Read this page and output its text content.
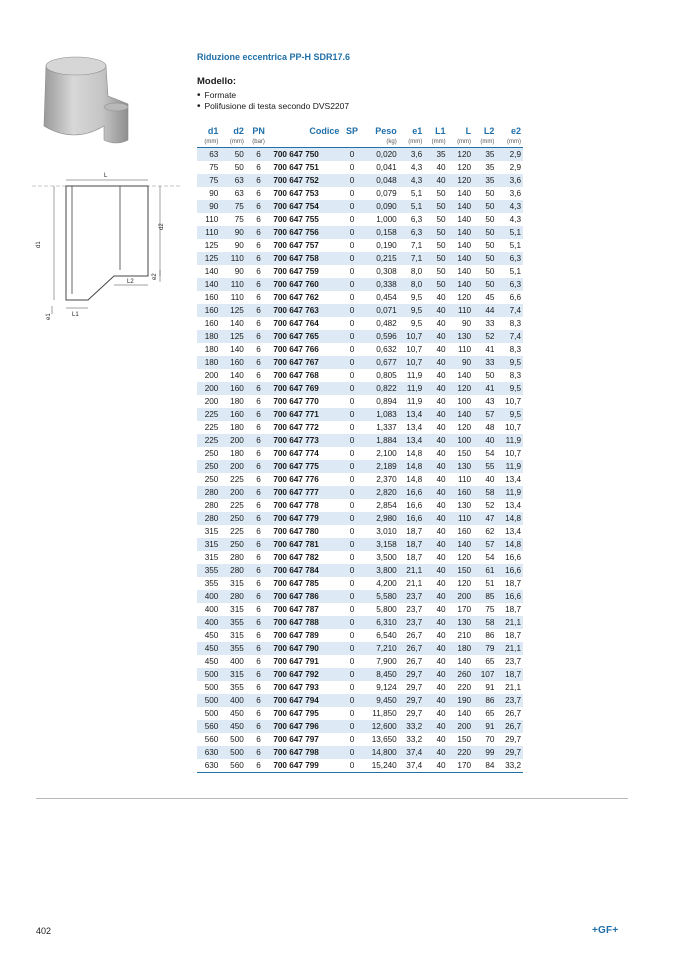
L
L2
L1
d1
d2
e2
e1
Riduzione eccentrica PP-H SDR17.6
Modello:
• Formate
• Polifusione di testa secondo DVS2207
d1	d2	PN	Codice	SP	Peso	e1	L1	L	L2	e2
(mm)	(mm)	(bar)			(kg)	(mm)	(mm)	(mm)	(mm)	(mm)
63	50	6	700 647 750	0	0,020	3,6	35	120	35	2,9
75	50	6	700 647 751	0	0,041	4,3	40	120	35	2,9
75	63	6	700 647 752	0	0,048	4,3	40	120	35	3,6
90	63	6	700 647 753	0	0,079	5,1	50	140	50	3,6
90	75	6	700 647 754	0	0,090	5,1	50	140	50	4,3
110	75	6	700 647 755	0	1,000	6,3	50	140	50	4,3
110	90	6	700 647 756	0	0,158	6,3	50	140	50	5,1
125	90	6	700 647 757	0	0,190	7,1	50	140	50	5,1
125	110	6	700 647 758	0	0,215	7,1	50	140	50	6,3
140	90	6	700 647 759	0	0,308	8,0	50	140	50	5,1
140	110	6	700 647 760	0	0,338	8,0	50	140	50	6,3
160	110	6	700 647 762	0	0,454	9,5	40	120	45	6,6
160	125	6	700 647 763	0	0,071	9,5	40	110	44	7,4
160	140	6	700 647 764	0	0,482	9,5	40	90	33	8,3
180	125	6	700 647 765	0	0,596	10,7	40	130	52	7,4
180	140	6	700 647 766	0	0,632	10,7	40	110	41	8,3
180	160	6	700 647 767	0	0,677	10,7	40	90	33	9,5
200	140	6	700 647 768	0	0,805	11,9	40	140	50	8,3
200	160	6	700 647 769	0	0,822	11,9	40	120	41	9,5
200	180	6	700 647 770	0	0,894	11,9	40	100	43	10,7
225	160	6	700 647 771	0	1,083	13,4	40	140	57	9,5
225	180	6	700 647 772	0	1,337	13,4	40	120	48	10,7
225	200	6	700 647 773	0	1,884	13,4	40	100	40	11,9
250	180	6	700 647 774	0	2,100	14,8	40	150	54	10,7
250	200	6	700 647 775	0	2,189	14,8	40	130	55	11,9
250	225	6	700 647 776	0	2,370	14,8	40	110	40	13,4
280	200	6	700 647 777	0	2,820	16,6	40	160	58	11,9
280	225	6	700 647 778	0	2,854	16,6	40	130	52	13,4
280	250	6	700 647 779	0	2,980	16,6	40	110	47	14,8
315	225	6	700 647 780	0	3,010	18,7	40	160	62	13,4
315	250	6	700 647 781	0	3,158	18,7	40	140	57	14,8
315	280	6	700 647 782	0	3,500	18,7	40	120	54	16,6
355	280	6	700 647 784	0	3,800	21,1	40	150	61	16,6
355	315	6	700 647 785	0	4,200	21,1	40	120	51	18,7
400	280	6	700 647 786	0	5,580	23,7	40	200	85	16,6
400	315	6	700 647 787	0	5,800	23,7	40	170	75	18,7
400	355	6	700 647 788	0	6,310	23,7	40	130	58	21,1
450	315	6	700 647 789	0	6,540	26,7	40	210	86	18,7
450	355	6	700 647 790	0	7,210	26,7	40	180	79	21,1
450	400	6	700 647 791	0	7,900	26,7	40	140	65	23,7
500	315	6	700 647 792	0	8,450	29,7	40	260	107	18,7
500	355	6	700 647 793	0	9,124	29,7	40	220	91	21,1
500	400	6	700 647 794	0	9,450	29,7	40	190	86	23,7
500	450	6	700 647 795	0	11,850	29,7	40	140	65	26,7
560	450	6	700 647 796	0	12,600	33,2	40	200	91	26,7
560	500	6	700 647 797	0	13,650	33,2	40	150	70	29,7
630	500	6	700 647 798	0	14,800	37,4	40	220	99	29,7
630	560	6	700 647 799	0	15,240	37,4	40	170	84	33,2
402	+GF+
